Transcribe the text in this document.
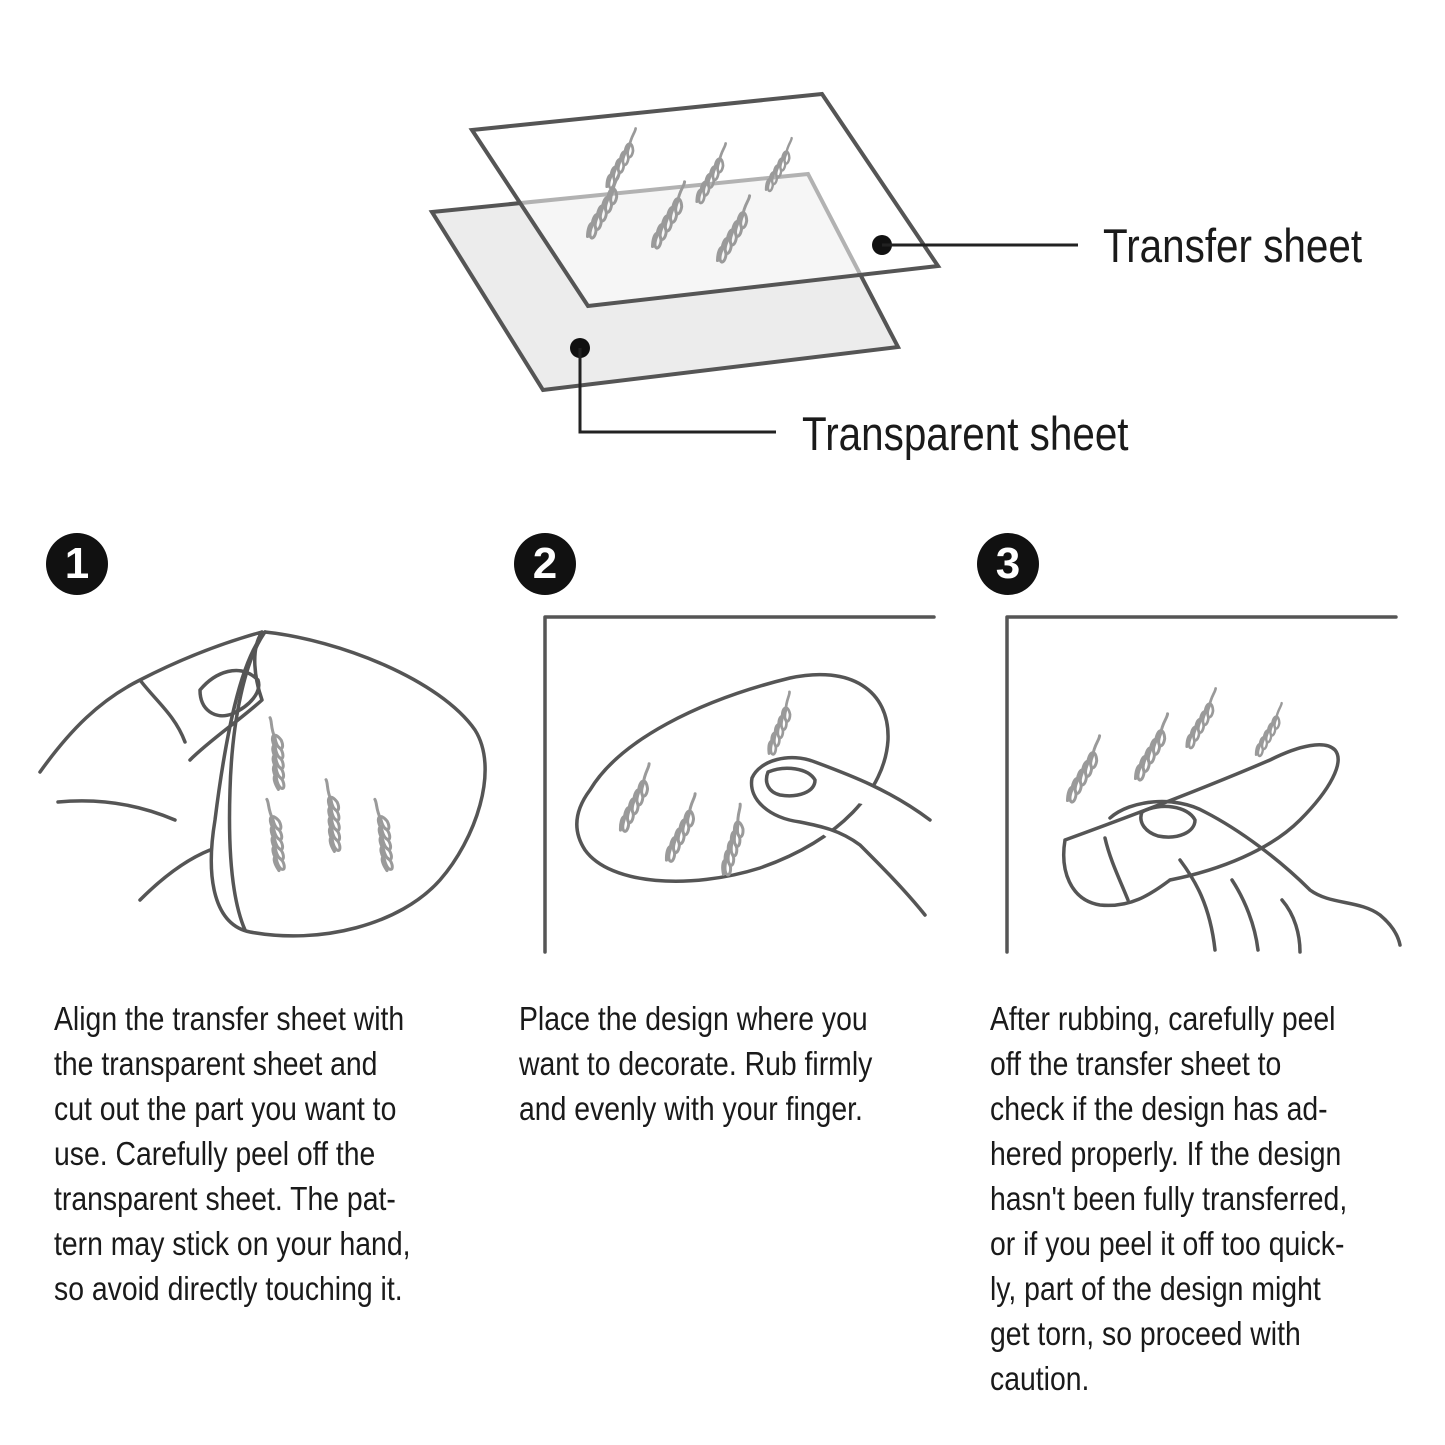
Transfer sheet
Transparent sheet
1	2	3
Align the transfer sheet with
the transparent sheet and
cut out the part you want to
use. Carefully peel off the
transparent sheet. The pat-
tern may stick on your hand,
so avoid directly touching it.
Place the design where you
want to decorate. Rub firmly
and evenly with your finger.
After rubbing, carefully peel
off the transfer sheet to
check if the design has ad-
hered properly. If the design
hasn't been fully transferred,
or if you peel it off too quick-
ly, part of the design might
get torn, so proceed with
caution.
